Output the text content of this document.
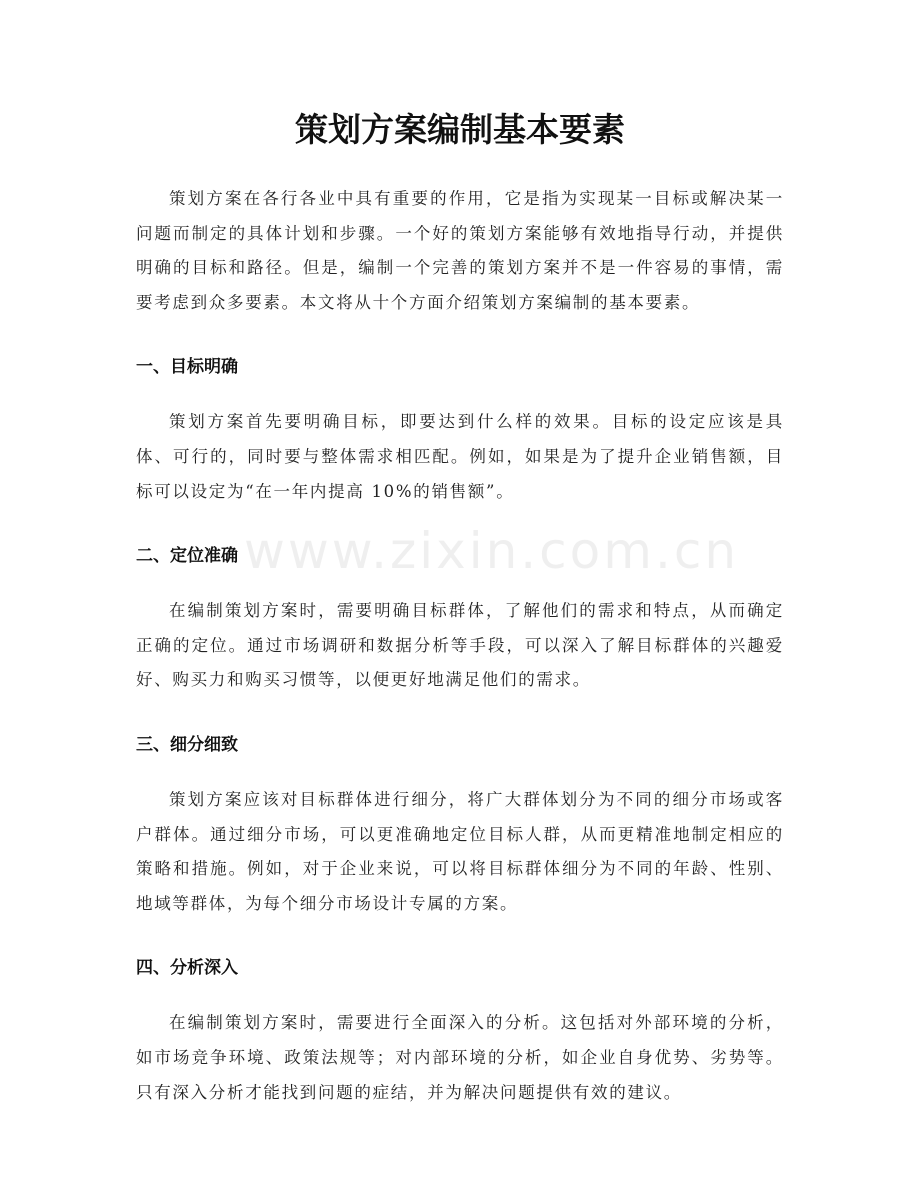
策划方案编制基本要素

策划方案在各行各业中具有重要的作用，它是指为实现某一目标或解决某一问题而制定的具体计划和步骤。一个好的策划方案能够有效地指导行动，并提供明确的目标和路径。但是，编制一个完善的策划方案并不是一件容易的事情，需要考虑到众多要素。本文将从十个方面介绍策划方案编制的基本要素。

一、目标明确

策划方案首先要明确目标，即要达到什么样的效果。目标的设定应该是具体、可行的，同时要与整体需求相匹配。例如，如果是为了提升企业销售额，目标可以设定为“在一年内提高 10%的销售额”。

二、定位准确

在编制策划方案时，需要明确目标群体，了解他们的需求和特点，从而确定正确的定位。通过市场调研和数据分析等手段，可以深入了解目标群体的兴趣爱好、购买力和购买习惯等，以便更好地满足他们的需求。

三、细分细致

策划方案应该对目标群体进行细分，将广大群体划分为不同的细分市场或客户群体。通过细分市场，可以更准确地定位目标人群，从而更精准地制定相应的策略和措施。例如，对于企业来说，可以将目标群体细分为不同的年龄、性别、地域等群体，为每个细分市场设计专属的方案。

四、分析深入

在编制策划方案时，需要进行全面深入的分析。这包括对外部环境的分析，如市场竞争环境、政策法规等；对内部环境的分析，如企业自身优势、劣势等。只有深入分析才能找到问题的症结，并为解决问题提供有效的建议。

www.zixin.com.cn
